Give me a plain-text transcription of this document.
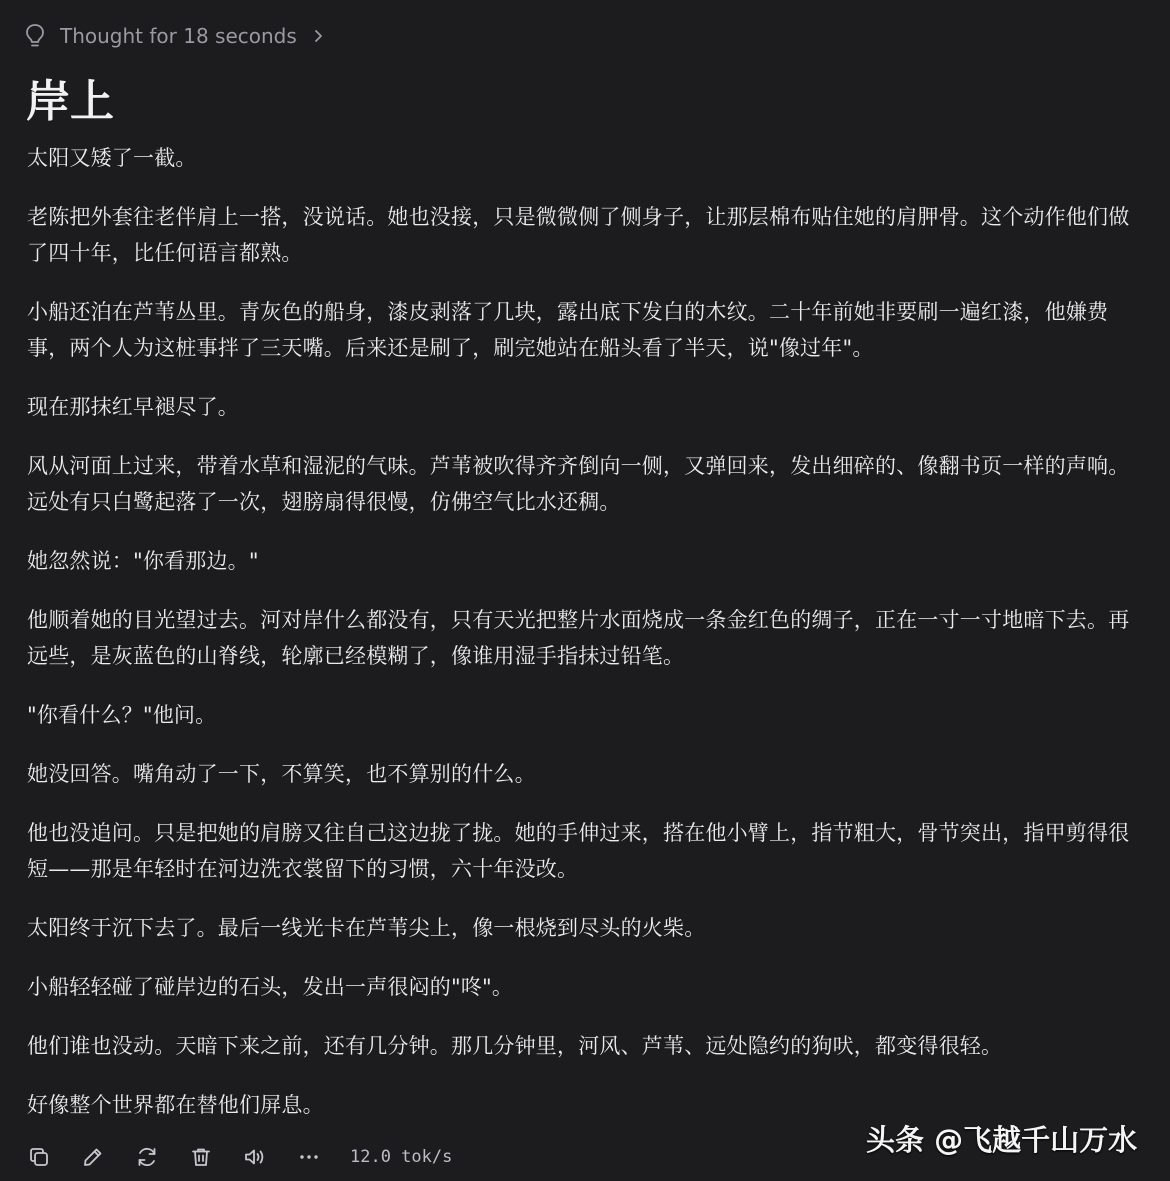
Thought for 18 seconds
岸上

太阳又矮了一截。

老陈把外套往老伴肩上一搭，没说话。她也没接，只是微微侧了侧身子，让那层棉布贴住她的肩胛骨。这个动作他们做了四十年，比任何语言都熟。

小船还泊在芦苇丛里。青灰色的船身，漆皮剥落了几块，露出底下发白的木纹。二十年前她非要刷一遍红漆，他嫌费事，两个人为这桩事拌了三天嘴。后来还是刷了，刷完她站在船头看了半天，说"像过年"。

现在那抹红早褪尽了。

风从河面上过来，带着水草和湿泥的气味。芦苇被吹得齐齐倒向一侧，又弹回来，发出细碎的、像翻书页一样的声响。远处有只白鹭起落了一次，翅膀扇得很慢，仿佛空气比水还稠。

她忽然说："你看那边。"

他顺着她的目光望过去。河对岸什么都没有，只有天光把整片水面烧成一条金红色的绸子，正在一寸一寸地暗下去。再远些，是灰蓝色的山脊线，轮廓已经模糊了，像谁用湿手指抹过铅笔。

"你看什么？"他问。

她没回答。嘴角动了一下，不算笑，也不算别的什么。

他也没追问。只是把她的肩膀又往自己这边拢了拢。她的手伸过来，搭在他小臂上，指节粗大，骨节突出，指甲剪得很短——那是年轻时在河边洗衣裳留下的习惯，六十年没改。

太阳终于沉下去了。最后一线光卡在芦苇尖上，像一根烧到尽头的火柴。

小船轻轻碰了碰岸边的石头，发出一声很闷的"咚"。

他们谁也没动。天暗下来之前，还有几分钟。那几分钟里，河风、芦苇、远处隐约的狗吠，都变得很轻。

好像整个世界都在替他们屏息。

12.0 tok/s	头条 @飞越千山万水
